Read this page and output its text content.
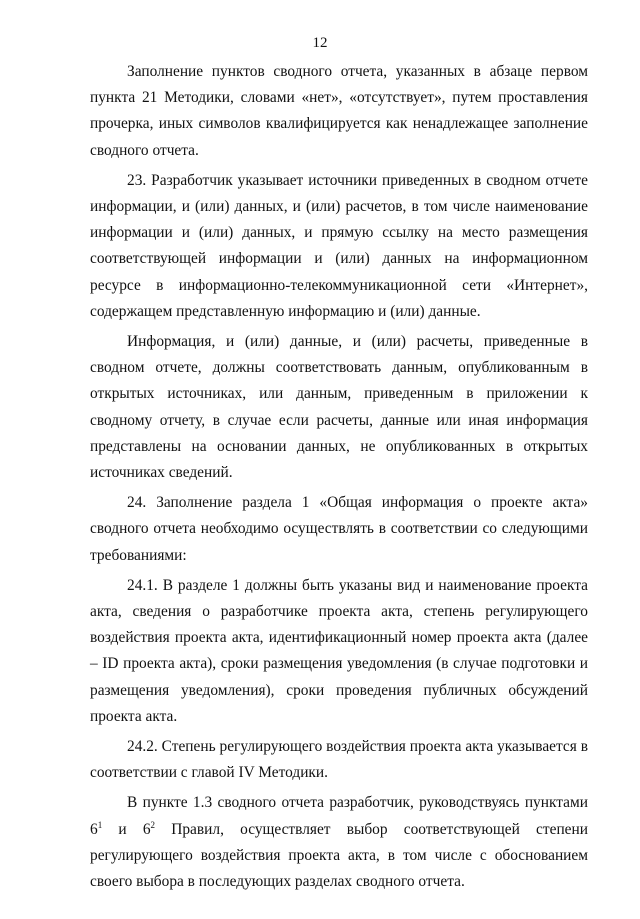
12

Заполнение пунктов сводного отчета, указанных в абзаце первом пункта 21 Методики, словами «нет», «отсутствует», путем проставления прочерка, иных символов квалифицируется как ненадлежащее заполнение сводного отчета.

23. Разработчик указывает источники приведенных в сводном отчете информации, и (или) данных, и (или) расчетов, в том числе наименование информации и (или) данных, и прямую ссылку на место размещения соответствующей информации и (или) данных на информационном ресурсе в информационно-телекоммуникационной сети «Интернет», содержащем представленную информацию и (или) данные.

Информация, и (или) данные, и (или) расчеты, приведенные в сводном отчете, должны соответствовать данным, опубликованным в открытых источниках, или данным, приведенным в приложении к сводному отчету, в случае если расчеты, данные или иная информация представлены на основании данных, не опубликованных в открытых источниках сведений.

24. Заполнение раздела 1 «Общая информация о проекте акта» сводного отчета необходимо осуществлять в соответствии со следующими требованиями:

24.1. В разделе 1 должны быть указаны вид и наименование проекта акта, сведения о разработчике проекта акта, степень регулирующего воздействия проекта акта, идентификационный номер проекта акта (далее – ID проекта акта), сроки размещения уведомления (в случае подготовки и размещения уведомления), сроки проведения публичных обсуждений проекта акта.

24.2. Степень регулирующего воздействия проекта акта указывается в соответствии с главой IV Методики.

В пункте 1.3 сводного отчета разработчик, руководствуясь пунктами $6^1$ и $6^2$ Правил, осуществляет выбор соответствующей степени регулирующего воздействия проекта акта, в том числе с обоснованием своего выбора в последующих разделах сводного отчета.
